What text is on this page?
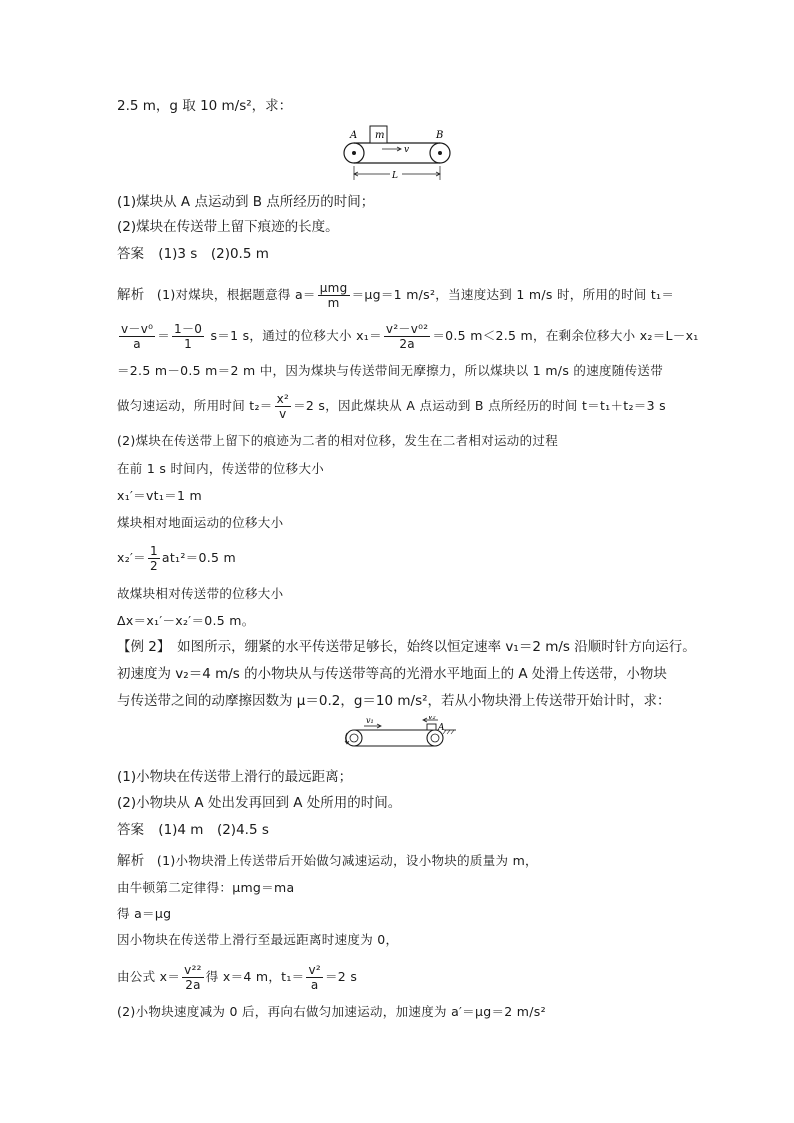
2.5 m，g 取 10 m/s²，求：
m
A	B
v
L
(1)煤块从 A 点运动到 B 点所经历的时间；
(2)煤块在传送带上留下痕迹的长度。
答案 (1)3 s　(2)0.5 m
解析 (1)对煤块，根据题意得 $a= \frac{\text{μmg}}{m} =\mu g=1$ m/s²，当速度达到 1 m/s 时，所用的时间 t₁＝
$\frac{\text{v－v⁰}}{a} = \frac{1-0}{1} s=1$ s，通过的位移大小 $x_1= \frac{\text{v²－v⁰²}}{2a} =0.5$ m＜2.5 m，在剩余位移大小 x₂＝L－x₁
＝2.5 m－0.5 m＝2 m 中，因为煤块与传送带间无摩擦力，所以煤块以 1 m/s 的速度随传送带
做匀速运动，所用时间 $t_2= \frac{\text{x²}}{v} =2$ s，因此煤块从 A 点运动到 B 点所经历的时间 t＝t₁＋t₂＝3 s
(2)煤块在传送带上留下的痕迹为二者的相对位移，发生在二者相对运动的过程
在前 1 s 时间内，传送带的位移大小
x₁′＝vt₁＝1 m
煤块相对地面运动的位移大小
$x_2'= \frac{1}{2} at_1^2=0.5$ m
故煤块相对传送带的位移大小
Δx＝x₁′－x₂′＝0.5 m。
【例 2】　如图所示，绷紧的水平传送带足够长，始终以恒定速率 v₁＝2 m/s 沿顺时针方向运行。
初速度为 v₂＝4 m/s 的小物块从与传送带等高的光滑水平地面上的 A 处滑上传送带，小物块
与传送带之间的动摩擦因数为 μ＝0.2，g＝10 m/s²，若从小物块滑上传送带开始计时，求：
v₁	v₂
A
(1)小物块在传送带上滑行的最远距离；
(2)小物块从 A 处出发再回到 A 处所用的时间。
答案 (1)4 m　(2)4.5 s
解析 (1)小物块滑上传送带后开始做匀减速运动，设小物块的质量为 m，
由牛顿第二定律得：μmg＝ma
得 a＝μg
因小物块在传送带上滑行至最远距离时速度为 0，
由公式 $x= \frac{\text{v²²}}{2a}$ 得 x＝4 m，$t_1= \frac{\text{v²}}{a} =2$ s
(2)小物块速度减为 0 后，再向右做匀加速运动，加速度为 a′＝μg＝2 m/s²
